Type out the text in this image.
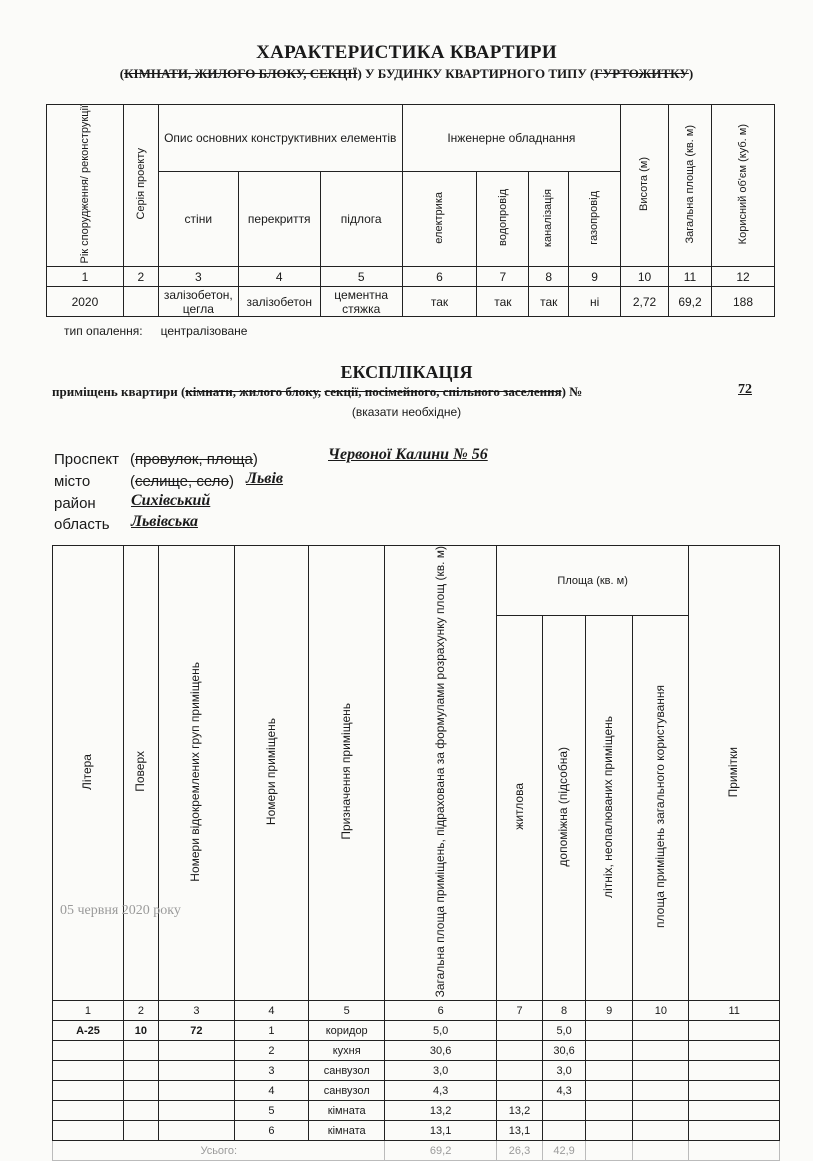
ХАРАКТЕРИСТИКА КВАРТИРИ
(КІМНАТИ, ЖИЛОГО БЛОКУ, СЕКЦІЇ) У БУДИНКУ КВАРТИРНОГО ТИПУ (ГУРТОЖИТКУ)
Рік спорудження/ реконструкції	Серія проекту	Опис основних конструктивних елементів			Інженерне обладнання				Висота (м)	Загальна площа (кв. м)	Корисний об'єм (куб. м)
		стіни	перекриття	підлога	електрика	водопровід	каналізація	газопровід			
1	2	3	4	5	6	7	8	9	10	11	12
2020		залізобетон, цегла	залізобетон	цементна стяжка	так	так	так	ні	2,72	69,2	188
тип опалення: централізоване
ЕКСПЛІКАЦІЯ
приміщень квартири (кімнати, жилого блоку, секції, посімейного, спільного заселення) №	72
(вказати необхідне)
Проспект (провулок, площа)	Червоної Калини № 56
місто	(селище, село) Львів
район Сихівський
область Львівська
Літера	Поверх	Номери відокремлених груп приміщень	Номери приміщень	Призначення приміщень	Загальна площа приміщень, підрахована за формулами розрахунку площ (кв. м)	Площа (кв. м)				Примітки
						житлова	допоміжна (підсобна)	літніх, неопалюваних приміщень	площа приміщень загального користування	
1	2	3	4	5	6	7	8	9	10	11
А-25	10	72	1	коридор	5,0		5,0			
			2	кухня	30,6		30,6			
			3	санвузол	3,0		3,0			
			4	санвузол	4,3		4,3			
			5	кімната	13,2	13,2				
			6	кімната	13,1	13,1				
Усього:					69,2	26,3	42,9			
05 червня 2020 року
